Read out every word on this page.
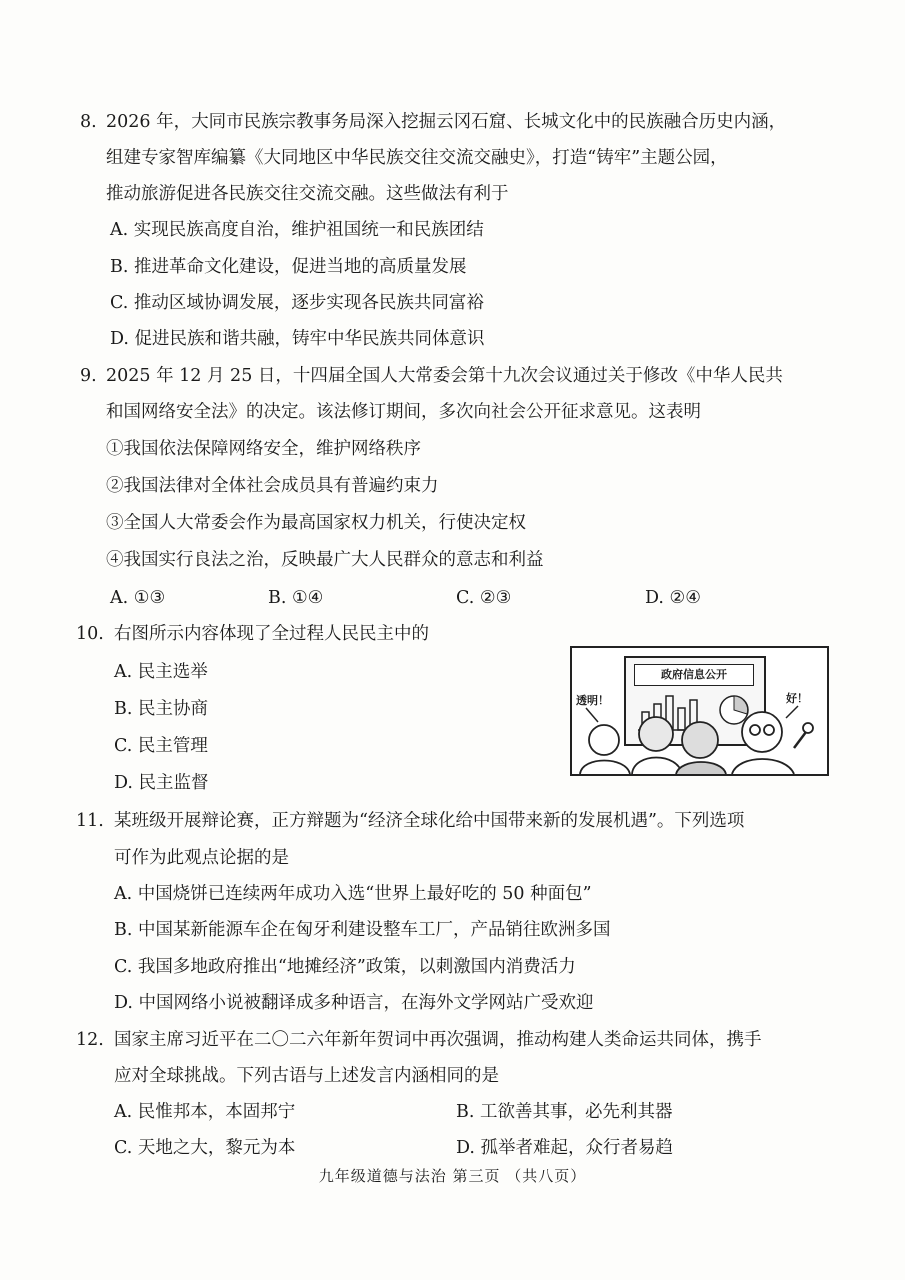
8. 2026 年，大同市民族宗教事务局深入挖掘云冈石窟、长城文化中的民族融合历史内涵，
组建专家智库编纂《大同地区中华民族交往交流交融史》，打造“铸牢”主题公园，
推动旅游促进各民族交往交流交融。这些做法有利于
A. 实现民族高度自治，维护祖国统一和民族团结
B. 推进革命文化建设，促进当地的高质量发展
C. 推动区域协调发展，逐步实现各民族共同富裕
D. 促进民族和谐共融，铸牢中华民族共同体意识
9. 2025 年 12 月 25 日，十四届全国人大常委会第十九次会议通过关于修改《中华人民共
和国网络安全法》的决定。该法修订期间，多次向社会公开征求意见。这表明
①我国依法保障网络安全，维护网络秩序
②我国法律对全体社会成员具有普遍约束力
③全国人大常委会作为最高国家权力机关，行使决定权
④我国实行良法之治，反映最广大人民群众的意志和利益
A. ①③	B. ①④	C. ②③	D. ②④
10. 右图所示内容体现了全过程人民民主中的
A. 民主选举
B. 民主协商
C. 民主管理
D. 民主监督
政府信息公开
透明！	好！
11. 某班级开展辩论赛，正方辩题为“经济全球化给中国带来新的发展机遇”。下列选项
可作为此观点论据的是
A. 中国烧饼已连续两年成功入选“世界上最好吃的 50 种面包”
B. 中国某新能源车企在匈牙利建设整车工厂，产品销往欧洲多国
C. 我国多地政府推出“地摊经济”政策，以刺激国内消费活力
D. 中国网络小说被翻译成多种语言，在海外文学网站广受欢迎
12. 国家主席习近平在二〇二六年新年贺词中再次强调，推动构建人类命运共同体，携手
应对全球挑战。下列古语与上述发言内涵相同的是
A. 民惟邦本，本固邦宁	B. 工欲善其事，必先利其器
C. 天地之大，黎元为本	D. 孤举者难起，众行者易趋
九年级道德与法治 第三页 （共八页）
